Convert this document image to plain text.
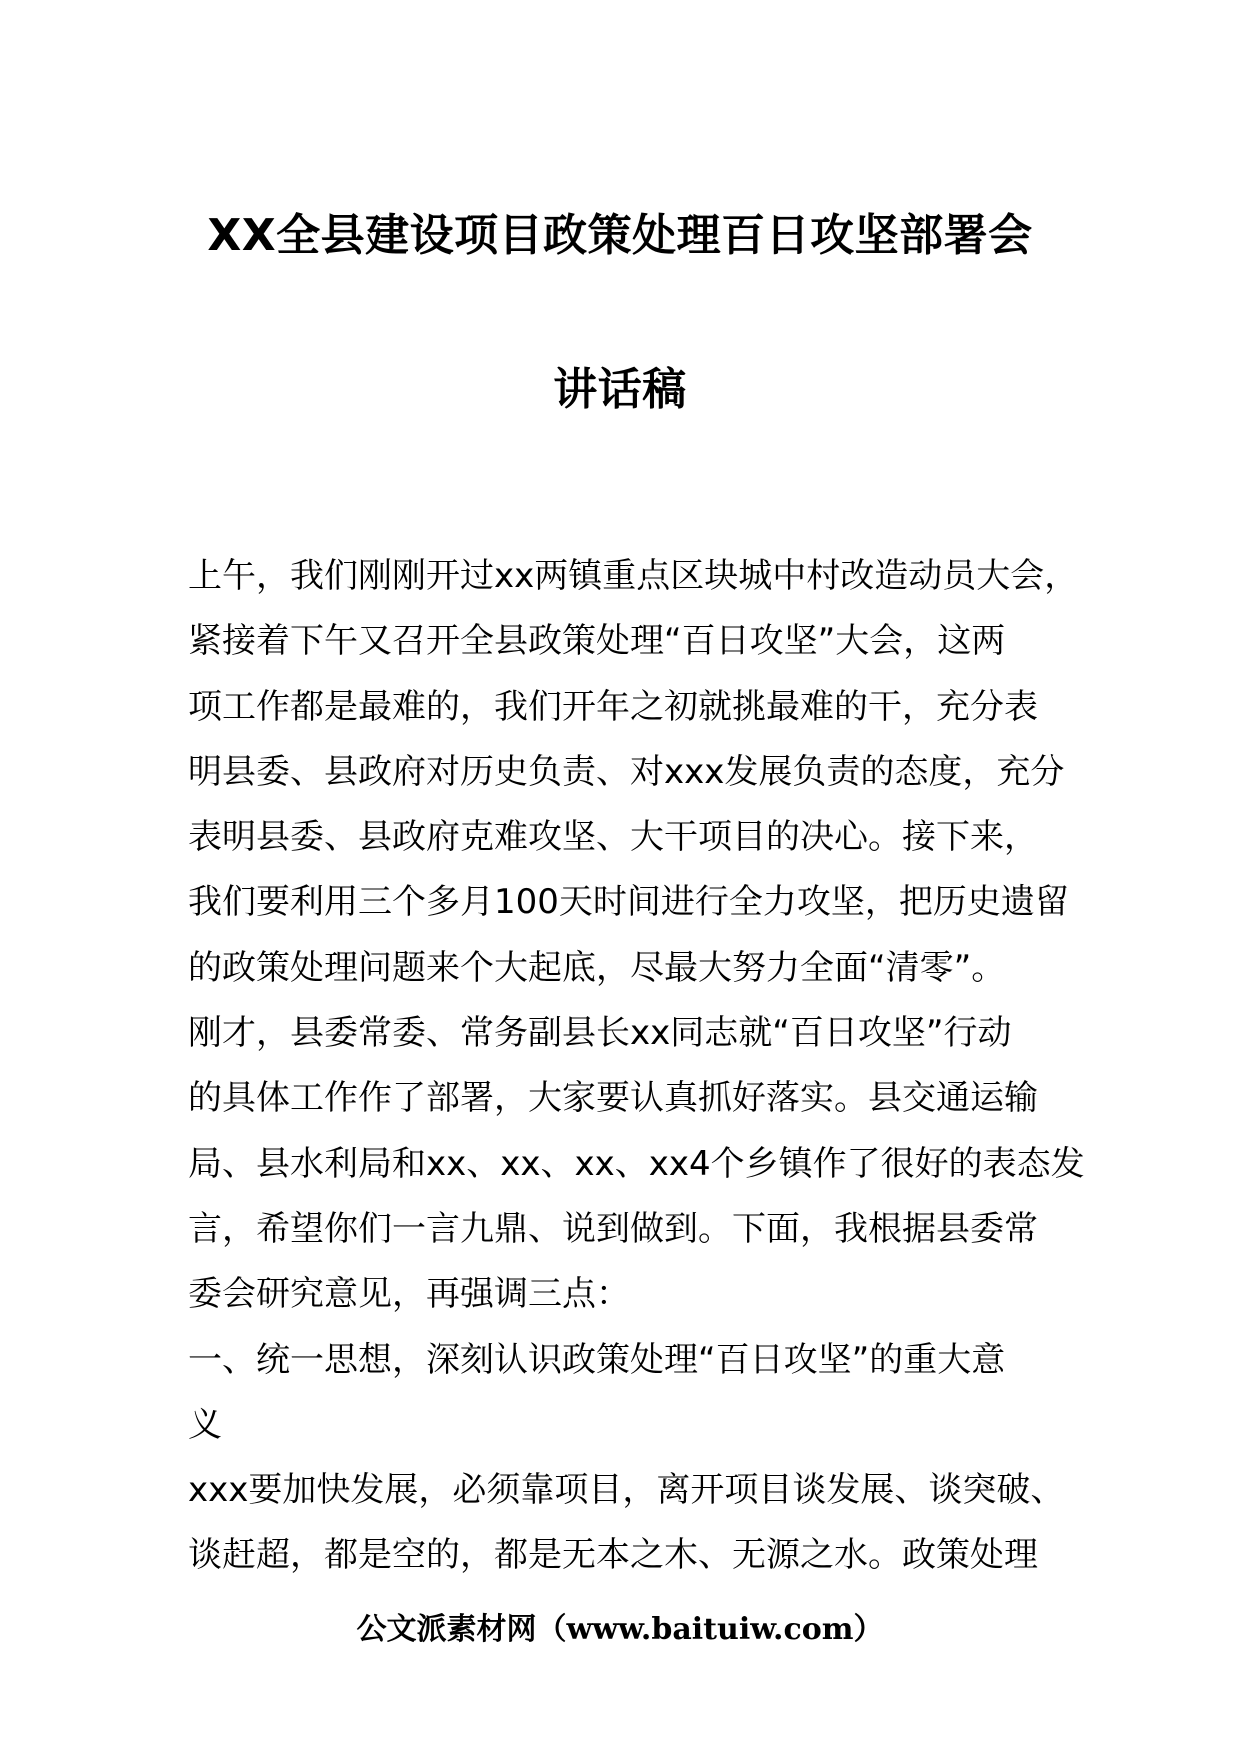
XX全县建设项目政策处理百日攻坚部署会
讲话稿
上午，我们刚刚开过xx两镇重点区块城中村改造动员大会，
紧接着下午又召开全县政策处理“百日攻坚”大会，这两
项工作都是最难的，我们开年之初就挑最难的干，充分表
明县委、县政府对历史负责、对xxx发展负责的态度，充分
表明县委、县政府克难攻坚、大干项目的决心。接下来，
我们要利用三个多月100天时间进行全力攻坚，把历史遗留
的政策处理问题来个大起底，尽最大努力全面“清零”。
刚才，县委常委、常务副县长xx同志就“百日攻坚”行动
的具体工作作了部署，大家要认真抓好落实。县交通运输
局、县水利局和xx、xx、xx、xx4个乡镇作了很好的表态发
言，希望你们一言九鼎、说到做到。下面，我根据县委常
委会研究意见，再强调三点：
一、统一思想，深刻认识政策处理“百日攻坚”的重大意
义
xxx要加快发展，必须靠项目，离开项目谈发展、谈突破、
谈赶超，都是空的，都是无本之木、无源之水。政策处理
公文派素材网（www.baituiw.com）
